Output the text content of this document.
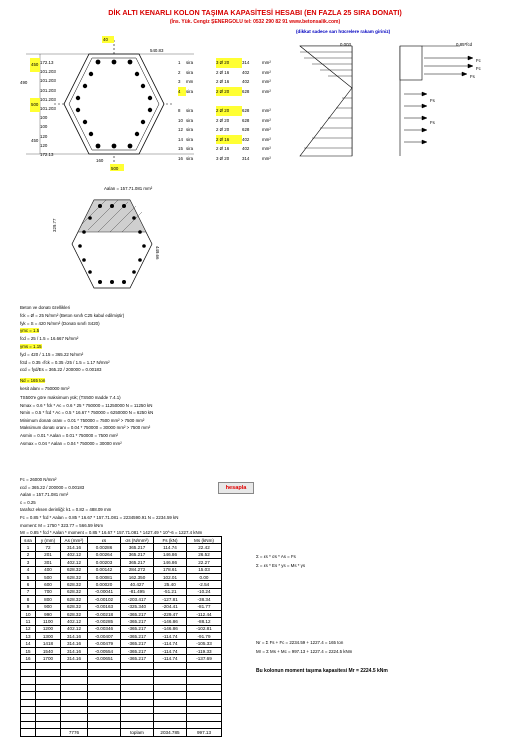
DİK ALTI KENARLI KOLON TAŞIMA KAPASİTESİ HESABI (EN FAZLA 25 SIRA DONATI)
(İns. Yük. Cengiz ŞENERGOLU tel: 0532 290 82 91 www.betonsalik.com)
(dikkat sadece sarı hücrelere rakam giriniz)
40
540.83
160
500
450
500
490
450
172.13
101.203
101.203
101.203
101.203
101.203
100
100
120
120
172.13
1 sira	3 Ø 20	314	mm²
2 sira	2 Ø 16	402	mm²
3 mm	2 Ø 16	402	mm²
4 sira	2 Ø 20	628	mm²

8 sira	2 Ø 20	628	mm²
10 sira	2 Ø 20	628	mm²
12 sira	2 Ø 20	628	mm²
14 sira	2 Ø 16	402	mm²
15 sira	2 Ø 16	402	mm²
16 sira	3 Ø 20	314	mm²
0.003	0.85*fcd
Fc
Fc
Fs
Fs
Fs
Aalan = 157.71.081 mm²
329.77
449.66
Beton ve donatı özellikleri
fck = Ø = 25 N/mm² (Beton sınıfı C25 kabul edilmiştir)
fyk = S = 420 N/mm² (Donatı sınıfı S420)
γmc = 1.5
fcd = 25 / 1.5 = 16.667 N/mm²
γms = 1.15
fyd = 420 / 1.15 = 365.22 N/mm²
fctd = 0.35 √fck = 0.35 √25 / 1.5 = 1.17 N/mm²
εcd = fyd/Es = 365.22 / 200000 = 0.00183
Nd = 165 ton
kesit alanı = 750000 mm²
TS500'e göre maksimum yük; (TS500 madde 7.4.1)
Nmax = 0.6 * fck * Ac = 0.6 * 25 * 750000 = 11250000 N = 11250 kN
Nmin = 0.5 * fcd * Ac = 0.5 * 16.67 * 750000 = 6250000 N = 6250 kN
Minimum donatı oranı = 0.01 * 750000 = 7500 mm² > 7500 mm²
Maksimum donatı oranı = 0.04 * 750000 = 30000 mm² > 7500 mm²
Asmin = 0.01 * Aalan = 0.01 * 750000 = 7500 mm²
Asmax = 0.04 * Aalan = 0.04 * 750000 = 30000 mm²
Fc = 26000 N/mm²
εcd = 365.22 / 200000 = 0.00183
Aalan = 157.71.081 mm²
c = 0.25
tarafsız eksen derinliği: k1 = 0.82 = 488.09 mm
Fc = 0.85 * fcd * Aalan = 0.85 * 16.67 * 157.71.081 = 2234590.91 N = 2234.59 kN
moment: M = 1750 * 323.77 = 566.59 kNm
Mr = 0.85 * fcd * Aalan * moment = 0.85 * 16.67 * 157.71.081 * 1427.49 * 10^-6 = 1227.4 kNm
hesapla
sıra	y (mm)	As (mm²)	εs	σs (N/mm²)	Fs (kN)	Ms (kNm)
1	72	314.16	0.00286	365.217	114.74	22.42
2	201	402.12	0.00264	365.217	146.86	26.52
3	301	402.12	0.00203	365.217	146.86	22.27
4	400	628.32	0.00142	284.272	178.61	15.03
5	500	628.32	0.00081	162.350	102.01	0.00
6	600	628.32	0.00020	40.427	25.40	-2.54
7	700	628.32	-0.00041	-81.495	-51.21	-10.24
8	800	628.32	-0.00102	-203.417	-127.81	-38.34
9	900	628.32	-0.00163	-325.340	-204.41	-81.77
10	990	628.32	-0.00218	-365.217	-229.47	-112.44
11	1100	402.12	-0.00285	-365.217	-146.86	-88.12
12	1200	402.12	-0.00346	-365.217	-146.86	-102.81
13	1300	314.16	-0.00407	-365.217	-114.74	-91.79
14	1418	314.16	-0.00479	-365.217	-114.74	-105.33
15	1540	314.16	-0.00554	-365.217	-114.74	-119.33
16	1700	314.16	-0.00651	-365.217	-114.74	-137.69

		7776		toplam	2034.785	997.13
Σ = εs * σs * As = Fs
Σ = εs * Es * ys = Ms * γs
Nr = Σ Fs + Fc = 2234.59 + 1227.4 = 165 ton
Mr = Σ Ms + Mc = 997.13 + 1227.4 = 2224.5 kNm
Bu kolonun moment taşıma kapasitesi Mr = 2224.5 kNm
